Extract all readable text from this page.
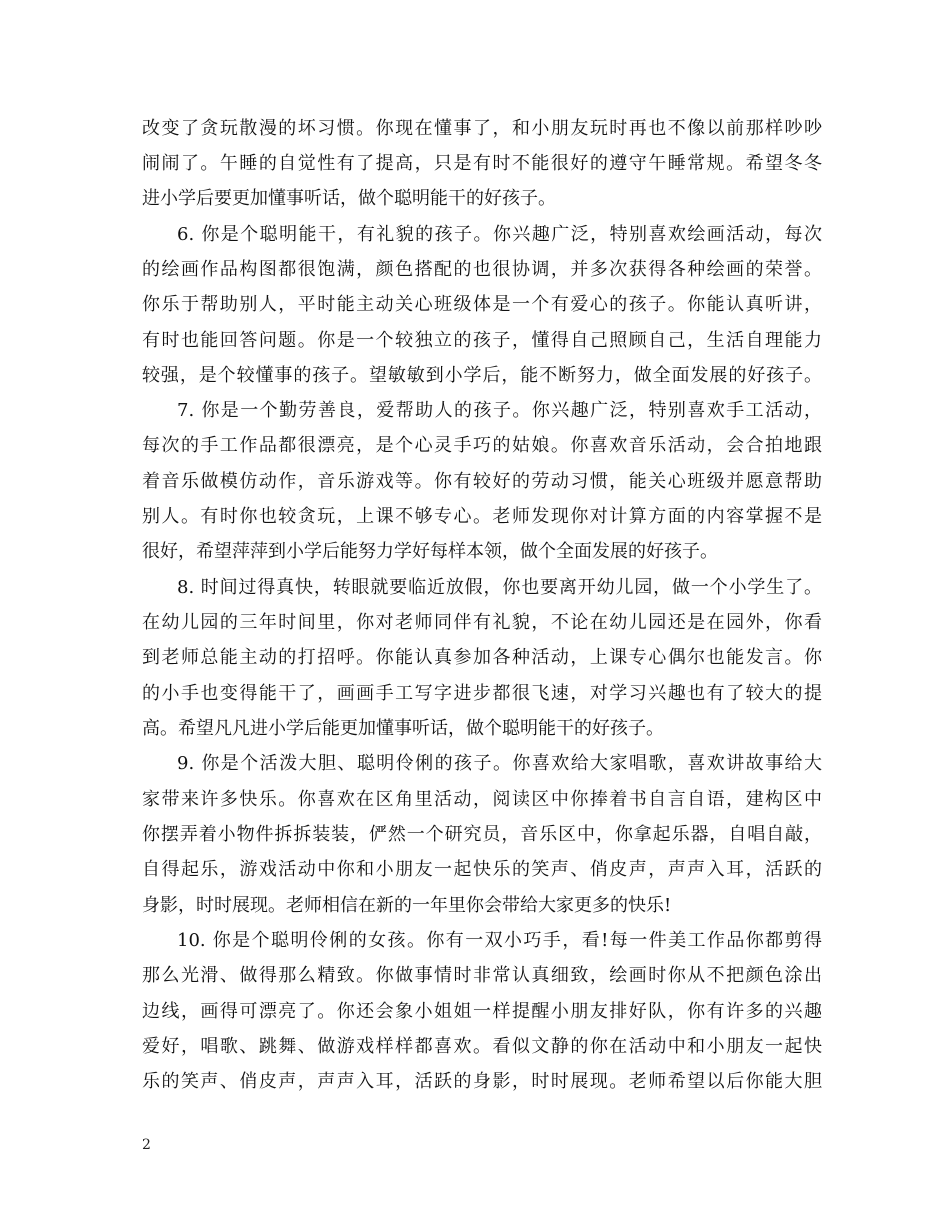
改变了贪玩散漫的坏习惯。你现在懂事了，和小朋友玩时再也不像以前那样吵吵
闹闹了。午睡的自觉性有了提高，只是有时不能很好的遵守午睡常规。希望冬冬
进小学后要更加懂事听话，做个聪明能干的好孩子。
6. 你是个聪明能干，有礼貌的孩子。你兴趣广泛，特别喜欢绘画活动，每次
的绘画作品构图都很饱满，颜色搭配的也很协调，并多次获得各种绘画的荣誉。
你乐于帮助别人，平时能主动关心班级体是一个有爱心的孩子。你能认真听讲，
有时也能回答问题。你是一个较独立的孩子，懂得自己照顾自己，生活自理能力
较强，是个较懂事的孩子。望敏敏到小学后，能不断努力，做全面发展的好孩子。
7. 你是一个勤劳善良，爱帮助人的孩子。你兴趣广泛，特别喜欢手工活动，
每次的手工作品都很漂亮，是个心灵手巧的姑娘。你喜欢音乐活动，会合拍地跟
着音乐做模仿动作，音乐游戏等。你有较好的劳动习惯，能关心班级并愿意帮助
别人。有时你也较贪玩，上课不够专心。老师发现你对计算方面的内容掌握不是
很好，希望萍萍到小学后能努力学好每样本领，做个全面发展的好孩子。
8. 时间过得真快，转眼就要临近放假，你也要离开幼儿园，做一个小学生了。
在幼儿园的三年时间里，你对老师同伴有礼貌，不论在幼儿园还是在园外，你看
到老师总能主动的打招呼。你能认真参加各种活动，上课专心偶尔也能发言。你
的小手也变得能干了，画画手工写字进步都很飞速，对学习兴趣也有了较大的提
高。希望凡凡进小学后能更加懂事听话，做个聪明能干的好孩子。
9. 你是个活泼大胆、聪明伶俐的孩子。你喜欢给大家唱歌，喜欢讲故事给大
家带来许多快乐。你喜欢在区角里活动，阅读区中你捧着书自言自语，建构区中
你摆弄着小物件拆拆装装，俨然一个研究员，音乐区中，你拿起乐器，自唱自敲，
自得起乐，游戏活动中你和小朋友一起快乐的笑声、俏皮声，声声入耳，活跃的
身影，时时展现。老师相信在新的一年里你会带给大家更多的快乐!
10. 你是个聪明伶俐的女孩。你有一双小巧手，看!每一件美工作品你都剪得
那么光滑、做得那么精致。你做事情时非常认真细致，绘画时你从不把颜色涂出
边线，画得可漂亮了。你还会象小姐姐一样提醒小朋友排好队，你有许多的兴趣
爱好，唱歌、跳舞、做游戏样样都喜欢。看似文静的你在活动中和小朋友一起快
乐的笑声、俏皮声，声声入耳，活跃的身影，时时展现。老师希望以后你能大胆
2
